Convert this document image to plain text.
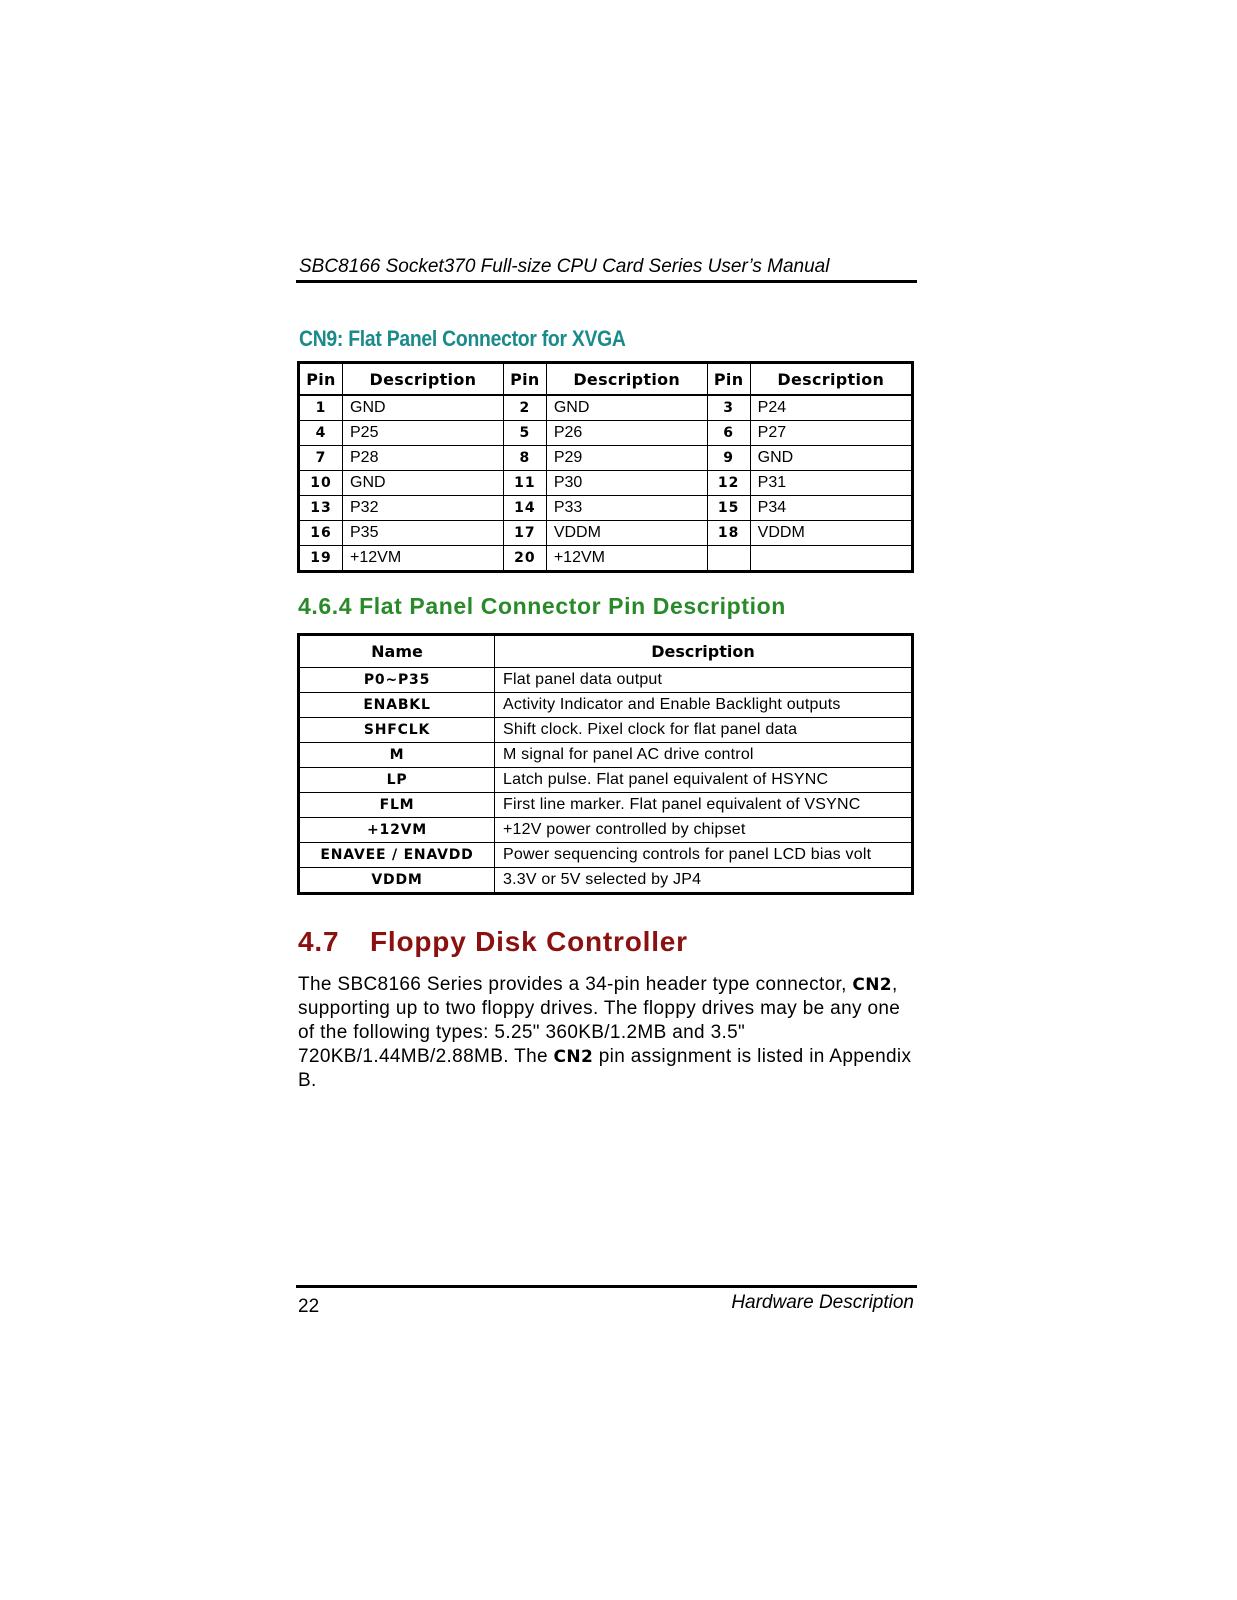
SBC8166 Socket370 Full-size CPU Card Series User’s Manual
CN9: Flat Panel Connector for XVGA
Pin	Description	Pin	Description	Pin	Description
1	GND	2	GND	3	P24
4	P25	5	P26	6	P27
7	P28	8	P29	9	GND
10	GND	11	P30	12	P31
13	P32	14	P33	15	P34
16	P35	17	VDDM	18	VDDM
19	+12VM	20	+12VM		
4.6.4 Flat Panel Connector Pin Description
Name	Description
P0~P35	Flat panel data output
ENABKL	Activity Indicator and Enable Backlight outputs
SHFCLK	Shift clock. Pixel clock for flat panel data
M	M signal for panel AC drive control
LP	Latch pulse. Flat panel equivalent of HSYNC
FLM	First line marker. Flat panel equivalent of VSYNC
+12VM	+12V power controlled by chipset
ENAVEE / ENAVDD	Power sequencing controls for panel LCD bias volt
VDDM	3.3V or 5V selected by JP4
4.7 Floppy Disk Controller
The SBC8166 Series provides a 34-pin header type connector, CN2, supporting up to two floppy drives. The floppy drives may be any one of the following types: 5.25" 360KB/1.2MB and 3.5" 720KB/1.44MB/2.88MB. The CN2 pin assignment is listed in Appendix B.
22	Hardware Description
